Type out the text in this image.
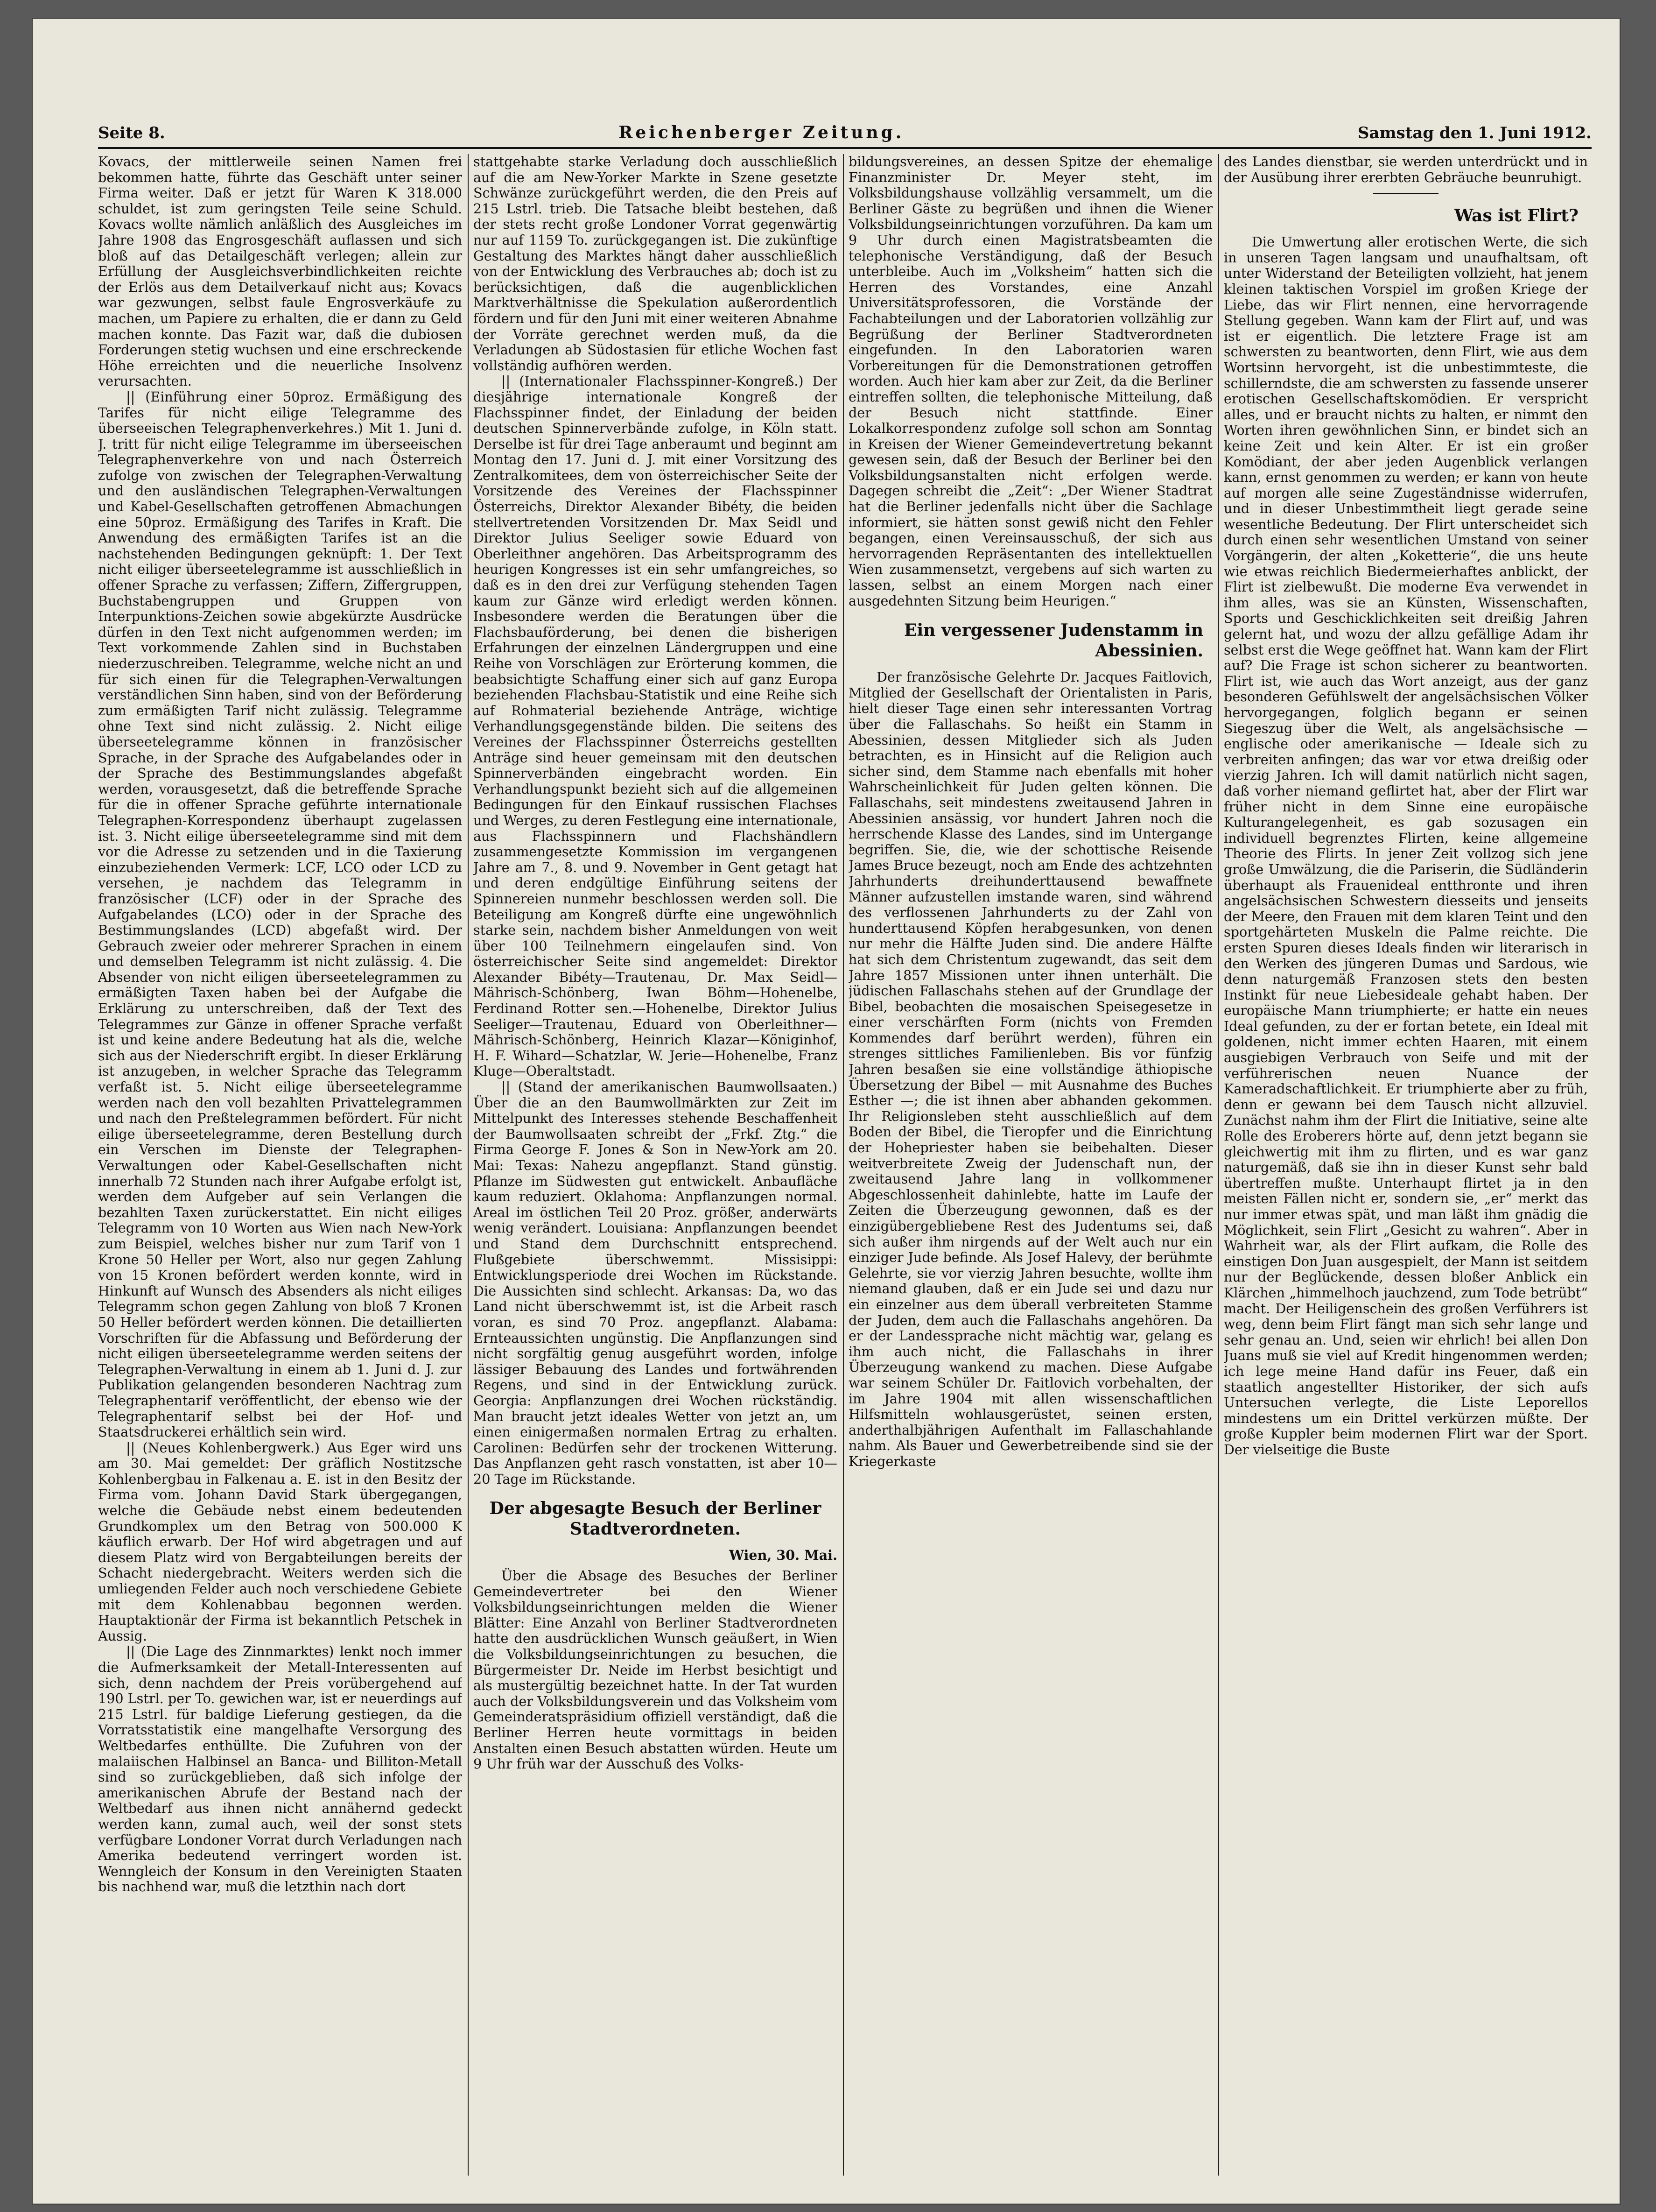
Seite 8.	Reichenberger Zeitung.	Samstag den 1. Juni 1912.

Kovacs, der mittlerweile seinen Namen frei bekommen hatte, führte das Geschäft unter seiner Firma weiter. Daß er jetzt für Waren K 318.000 schuldet, ist zum geringsten Teile seine Schuld. Kovacs wollte nämlich anläßlich des Ausgleiches im Jahre 1908 das Engrosgeschäft auflassen und sich bloß auf das Detailgeschäft verlegen; allein zur Erfüllung der Ausgleichsverbindlichkeiten reichte der Erlös aus dem Detailverkauf nicht aus; Kovacs war gezwungen, selbst faule Engrosverkäufe zu machen, um Papiere zu erhalten, die er dann zu Geld machen konnte. Das Fazit war, daß die dubiosen Forderungen stetig wuchsen und eine erschreckende Höhe erreichten und die neuerliche Insolvenz verursachten.

|| (Einführung einer 50proz. Ermäßigung des Tarifes für nicht eilige Telegramme des überseeischen Telegraphenverkehres.) Mit 1. Juni d. J. tritt für nicht eilige Telegramme im überseeischen Telegraphenverkehre von und nach Österreich zufolge von zwischen der Telegraphen-Verwaltung und den ausländischen Telegraphen-Verwaltungen und Kabel-Gesellschaften getroffenen Abmachungen eine 50proz. Ermäßigung des Tarifes in Kraft. Die Anwendung des ermäßigten Tarifes ist an die nachstehenden Bedingungen geknüpft: 1. Der Text nicht eiliger überseetelegramme ist ausschließlich in offener Sprache zu verfassen; Ziffern, Ziffergruppen, Buchstabengruppen und Gruppen von Interpunktions-Zeichen sowie abgekürzte Ausdrücke dürfen in den Text nicht aufgenommen werden; im Text vorkommende Zahlen sind in Buchstaben niederzuschreiben. Telegramme, welche nicht an und für sich einen für die Telegraphen-Verwaltungen verständlichen Sinn haben, sind von der Beförderung zum ermäßigten Tarif nicht zulässig. Telegramme ohne Text sind nicht zulässig. 2. Nicht eilige überseetelegramme können in französischer Sprache, in der Sprache des Aufgabelandes oder in der Sprache des Bestimmungslandes abgefaßt werden, vorausgesetzt, daß die betreffende Sprache für die in offener Sprache geführte internationale Telegraphen-Korrespondenz überhaupt zugelassen ist. 3. Nicht eilige überseetelegramme sind mit dem vor die Adresse zu setzenden und in die Taxierung einzubeziehenden Vermerk: LCF, LCO oder LCD zu versehen, je nachdem das Telegramm in französischer (LCF) oder in der Sprache des Aufgabelandes (LCO) oder in der Sprache des Bestimmungslandes (LCD) abgefaßt wird. Der Gebrauch zweier oder mehrerer Sprachen in einem und demselben Telegramm ist nicht zulässig. 4. Die Absender von nicht eiligen überseetelegrammen zu ermäßigten Taxen haben bei der Aufgabe die Erklärung zu unterschreiben, daß der Text des Telegrammes zur Gänze in offener Sprache verfaßt ist und keine andere Bedeutung hat als die, welche sich aus der Niederschrift ergibt. In dieser Erklärung ist anzugeben, in welcher Sprache das Telegramm verfaßt ist. 5. Nicht eilige überseetelegramme werden nach den voll bezahlten Privattelegrammen und nach den Preßtelegrammen befördert. Für nicht eilige überseetelegramme, deren Bestellung durch ein Verschen im Dienste der Telegraphen-Verwaltungen oder Kabel-Gesellschaften nicht innerhalb 72 Stunden nach ihrer Aufgabe erfolgt ist, werden dem Aufgeber auf sein Verlangen die bezahlten Taxen zurückerstattet. Ein nicht eiliges Telegramm von 10 Worten aus Wien nach New-York zum Beispiel, welches bisher nur zum Tarif von 1 Krone 50 Heller per Wort, also nur gegen Zahlung von 15 Kronen befördert werden konnte, wird in Hinkunft auf Wunsch des Absenders als nicht eiliges Telegramm schon gegen Zahlung von bloß 7 Kronen 50 Heller befördert werden können. Die detaillierten Vorschriften für die Abfassung und Beförderung der nicht eiligen überseetelegramme werden seitens der Telegraphen-Verwaltung in einem ab 1. Juni d. J. zur Publikation gelangenden besonderen Nachtrag zum Telegraphentarif veröffentlicht, der ebenso wie der Telegraphentarif selbst bei der Hof- und Staatsdruckerei erhältlich sein wird.

|| (Neues Kohlenbergwerk.) Aus Eger wird uns am 30. Mai gemeldet: Der gräflich Nostitzsche Kohlenbergbau in Falkenau a. E. ist in den Besitz der Firma vom. Johann David Stark übergegangen, welche die Gebäude nebst einem bedeutenden Grundkomplex um den Betrag von 500.000 K käuflich erwarb. Der Hof wird abgetragen und auf diesem Platz wird von Bergabteilungen bereits der Schacht niedergebracht. Weiters werden sich die umliegenden Felder auch noch verschiedene Gebiete mit dem Kohlenabbau begonnen werden. Hauptaktionär der Firma ist bekanntlich Petschek in Aussig.

|| (Die Lage des Zinnmarktes) lenkt noch immer die Aufmerksamkeit der Metall-Interessenten auf sich, denn nachdem der Preis vorübergehend auf 190 Lstrl. per To. gewichen war, ist er neuerdings auf 215 Lstrl. für baldige Lieferung gestiegen, da die Vorratsstatistik eine mangelhafte Versorgung des Weltbedarfes enthüllte. Die Zufuhren von der malaiischen Halbinsel an Banca- und Billiton-Metall sind so zurückgeblieben, daß sich infolge der amerikanischen Abrufe der Bestand nach der Weltbedarf aus ihnen nicht annähernd gedeckt werden kann, zumal auch, weil der sonst stets verfügbare Londoner Vorrat durch Verladungen nach Amerika bedeutend verringert worden ist. Wenngleich der Konsum in den Vereinigten Staaten bis nachhend war, muß die letzthin nach dort

stattgehabte starke Verladung doch ausschließlich auf die am New-Yorker Markte in Szene gesetzte Schwänze zurückgeführt werden, die den Preis auf 215 Lstrl. trieb. Die Tatsache bleibt bestehen, daß der stets recht große Londoner Vorrat gegenwärtig nur auf 1159 To. zurückgegangen ist. Die zukünftige Gestaltung des Marktes hängt daher ausschließlich von der Entwicklung des Verbrauches ab; doch ist zu berücksichtigen, daß die augenblicklichen Marktverhältnisse die Spekulation außerordentlich fördern und für den Juni mit einer weiteren Abnahme der Vorräte gerechnet werden muß, da die Verladungen ab Südostasien für etliche Wochen fast vollständig aufhören werden.

|| (Internationaler Flachsspinner-Kongreß.) Der diesjährige internationale Kongreß der Flachsspinner findet, der Einladung der beiden deutschen Spinnerverbände zufolge, in Köln statt. Derselbe ist für drei Tage anberaumt und beginnt am Montag den 17. Juni d. J. mit einer Vorsitzung des Zentralkomitees, dem von österreichischer Seite der Vorsitzende des Vereines der Flachsspinner Österreichs, Direktor Alexander Bibéty, die beiden stellvertretenden Vorsitzenden Dr. Max Seidl und Direktor Julius Seeliger sowie Eduard von Oberleithner angehören. Das Arbeitsprogramm des heurigen Kongresses ist ein sehr umfangreiches, so daß es in den drei zur Verfügung stehenden Tagen kaum zur Gänze wird erledigt werden können. Insbesondere werden die Beratungen über die Flachsbauförderung, bei denen die bisherigen Erfahrungen der einzelnen Ländergruppen und eine Reihe von Vorschlägen zur Erörterung kommen, die beabsichtigte Schaffung einer sich auf ganz Europa beziehenden Flachsbau-Statistik und eine Reihe sich auf Rohmaterial beziehende Anträge, wichtige Verhandlungsgegenstände bilden. Die seitens des Vereines der Flachsspinner Österreichs gestellten Anträge sind heuer gemeinsam mit den deutschen Spinnerverbänden eingebracht worden. Ein Verhandlungspunkt bezieht sich auf die allgemeinen Bedingungen für den Einkauf russischen Flachses und Werges, zu deren Festlegung eine internationale, aus Flachsspinnern und Flachshändlern zusammengesetzte Kommission im vergangenen Jahre am 7., 8. und 9. November in Gent getagt hat und deren endgültige Einführung seitens der Spinnereien nunmehr beschlossen werden soll. Die Beteiligung am Kongreß dürfte eine ungewöhnlich starke sein, nachdem bisher Anmeldungen von weit über 100 Teilnehmern eingelaufen sind. Von österreichischer Seite sind angemeldet: Direktor Alexander Bibéty—Trautenau, Dr. Max Seidl—Mährisch-Schönberg, Iwan Böhm—Hohenelbe, Ferdinand Rotter sen.—Hohenelbe, Direktor Julius Seeliger—Trautenau, Eduard von Oberleithner—Mährisch-Schönberg, Heinrich Klazar—Königinhof, H. F. Wihard—Schatzlar, W. Jerie—Hohenelbe, Franz Kluge—Oberaltstadt.

|| (Stand der amerikanischen Baumwollsaaten.) Über die an den Baumwollmärkten zur Zeit im Mittelpunkt des Interesses stehende Beschaffenheit der Baumwollsaaten schreibt der „Frkf. Ztg.“ die Firma George F. Jones & Son in New-York am 20. Mai: Texas: Nahezu angepflanzt. Stand günstig. Pflanze im Südwesten gut entwickelt. Anbaufläche kaum reduziert. Oklahoma: Anpflanzungen normal. Areal im östlichen Teil 20 Proz. größer, anderwärts wenig verändert. Louisiana: Anpflanzungen beendet und Stand dem Durchschnitt entsprechend. Flußgebiete überschwemmt. Missisippi: Entwicklungsperiode drei Wochen im Rückstande. Die Aussichten sind schlecht. Arkansas: Da, wo das Land nicht überschwemmt ist, ist die Arbeit rasch voran, es sind 70 Proz. angepflanzt. Alabama: Ernteaussichten ungünstig. Die Anpflanzungen sind nicht sorgfältig genug ausgeführt worden, infolge lässiger Bebauung des Landes und fortwährenden Regens, und sind in der Entwicklung zurück. Georgia: Anpflanzungen drei Wochen rückständig. Man braucht jetzt ideales Wetter von jetzt an, um einen einigermaßen normalen Ertrag zu erhalten. Carolinen: Bedürfen sehr der trockenen Witterung. Das Anpflanzen geht rasch vonstatten, ist aber 10—20 Tage im Rückstande.

Der abgesagte Besuch der Berliner Stadtverordneten.
Wien, 30. Mai.

Über die Absage des Besuches der Berliner Gemeindevertreter bei den Wiener Volksbildungseinrichtungen melden die Wiener Blätter: Eine Anzahl von Berliner Stadtverordneten hatte den ausdrücklichen Wunsch geäußert, in Wien die Volksbildungseinrichtungen zu besuchen, die Bürgermeister Dr. Neide im Herbst besichtigt und als mustergültig bezeichnet hatte. In der Tat wurden auch der Volksbildungsverein und das Volksheim vom Gemeinderatspräsidium offiziell verständigt, daß die Berliner Herren heute vormittags in beiden Anstalten einen Besuch abstatten würden. Heute um 9 Uhr früh war der Ausschuß des Volks-

bildungsvereines, an dessen Spitze der ehemalige Finanzminister Dr. Meyer steht, im Volksbildungshause vollzählig versammelt, um die Berliner Gäste zu begrüßen und ihnen die Wiener Volksbildungseinrichtungen vorzuführen. Da kam um 9 Uhr durch einen Magistratsbeamten die telephonische Verständigung, daß der Besuch unterbleibe. Auch im „Volksheim“ hatten sich die Herren des Vorstandes, eine Anzahl Universitätsprofessoren, die Vorstände der Fachabteilungen und der Laboratorien vollzählig zur Begrüßung der Berliner Stadtverordneten eingefunden. In den Laboratorien waren Vorbereitungen für die Demonstrationen getroffen worden. Auch hier kam aber zur Zeit, da die Berliner eintreffen sollten, die telephonische Mitteilung, daß der Besuch nicht stattfinde. Einer Lokalkorrespondenz zufolge soll schon am Sonntag in Kreisen der Wiener Gemeindevertretung bekannt gewesen sein, daß der Besuch der Berliner bei den Volksbildungsanstalten nicht erfolgen werde. Dagegen schreibt die „Zeit“: „Der Wiener Stadtrat hat die Berliner jedenfalls nicht über die Sachlage informiert, sie hätten sonst gewiß nicht den Fehler begangen, einen Vereinsausschuß, der sich aus hervorragenden Repräsentanten des intellektuellen Wien zusammensetzt, vergebens auf sich warten zu lassen, selbst an einem Morgen nach einer ausgedehnten Sitzung beim Heurigen.“

Ein vergessener Judenstamm in Abessinien.

Der französische Gelehrte Dr. Jacques Faitlovich, Mitglied der Gesellschaft der Orientalisten in Paris, hielt dieser Tage einen sehr interessanten Vortrag über die Fallaschahs. So heißt ein Stamm in Abessinien, dessen Mitglieder sich als Juden betrachten, es in Hinsicht auf die Religion auch sicher sind, dem Stamme nach ebenfalls mit hoher Wahrscheinlichkeit für Juden gelten können. Die Fallaschahs, seit mindestens zweitausend Jahren in Abessinien ansässig, vor hundert Jahren noch die herrschende Klasse des Landes, sind im Untergange begriffen. Sie, die, wie der schottische Reisende James Bruce bezeugt, noch am Ende des achtzehnten Jahrhunderts dreihunderttausend bewaffnete Männer aufzustellen imstande waren, sind während des verflossenen Jahrhunderts zu der Zahl von hunderttausend Köpfen herabgesunken, von denen nur mehr die Hälfte Juden sind. Die andere Hälfte hat sich dem Christentum zugewandt, das seit dem Jahre 1857 Missionen unter ihnen unterhält. Die jüdischen Fallaschahs stehen auf der Grundlage der Bibel, beobachten die mosaischen Speisegesetze in einer verschärften Form (nichts von Fremden Kommendes darf berührt werden), führen ein strenges sittliches Familienleben. Bis vor fünfzig Jahren besaßen sie eine vollständige äthiopische Übersetzung der Bibel — mit Ausnahme des Buches Esther —; die ist ihnen aber abhanden gekommen. Ihr Religionsleben steht ausschließlich auf dem Boden der Bibel, die Tieropfer und die Einrichtung der Hohepriester haben sie beibehalten. Dieser weitverbreitete Zweig der Judenschaft nun, der zweitausend Jahre lang in vollkommener Abgeschlossenheit dahinlebte, hatte im Laufe der Zeiten die Überzeugung gewonnen, daß es der einzigübergebliebene Rest des Judentums sei, daß sich außer ihm nirgends auf der Welt auch nur ein einziger Jude befinde. Als Josef Halevy, der berühmte Gelehrte, sie vor vierzig Jahren besuchte, wollte ihm niemand glauben, daß er ein Jude sei und dazu nur ein einzelner aus dem überall verbreiteten Stamme der Juden, dem auch die Fallaschahs angehören. Da er der Landessprache nicht mächtig war, gelang es ihm auch nicht, die Fallaschahs in ihrer Überzeugung wankend zu machen. Diese Aufgabe war seinem Schüler Dr. Faitlovich vorbehalten, der im Jahre 1904 mit allen wissenschaftlichen Hilfsmitteln wohlausgerüstet, seinen ersten, anderthalbjährigen Aufenthalt im Fallaschahlande nahm. Als Bauer und Gewerbetreibende sind sie der Kriegerkaste

des Landes dienstbar, sie werden unterdrückt und in der Ausübung ihrer ererbten Gebräuche beunruhigt.

Was ist Flirt?

Die Umwertung aller erotischen Werte, die sich in unseren Tagen langsam und unaufhaltsam, oft unter Widerstand der Beteiligten vollzieht, hat jenem kleinen taktischen Vorspiel im großen Kriege der Liebe, das wir Flirt nennen, eine hervorragende Stellung gegeben. Wann kam der Flirt auf, und was ist er eigentlich. Die letztere Frage ist am schwersten zu beantworten, denn Flirt, wie aus dem Wortsinn hervorgeht, ist die unbestimmteste, die schillerndste, die am schwersten zu fassende unserer erotischen Gesellschaftskomödien. Er verspricht alles, und er braucht nichts zu halten, er nimmt den Worten ihren gewöhnlichen Sinn, er bindet sich an keine Zeit und kein Alter. Er ist ein großer Komödiant, der aber jeden Augenblick verlangen kann, ernst genommen zu werden; er kann von heute auf morgen alle seine Zugeständnisse widerrufen, und in dieser Unbestimmtheit liegt gerade seine wesentliche Bedeutung. Der Flirt unterscheidet sich durch einen sehr wesentlichen Umstand von seiner Vorgängerin, der alten „Koketterie“, die uns heute wie etwas reichlich Biedermeierhaftes anblickt, der Flirt ist zielbewußt. Die moderne Eva verwendet in ihm alles, was sie an Künsten, Wissenschaften, Sports und Geschicklichkeiten seit dreißig Jahren gelernt hat, und wozu der allzu gefällige Adam ihr selbst erst die Wege geöffnet hat. Wann kam der Flirt auf? Die Frage ist schon sicherer zu beantworten. Flirt ist, wie auch das Wort anzeigt, aus der ganz besonderen Gefühlswelt der angelsächsischen Völker hervorgegangen, folglich begann er seinen Siegeszug über die Welt, als angelsächsische — englische oder amerikanische — Ideale sich zu verbreiten anfingen; das war vor etwa dreißig oder vierzig Jahren. Ich will damit natürlich nicht sagen, daß vorher niemand geflirtet hat, aber der Flirt war früher nicht in dem Sinne eine europäische Kulturangelegenheit, es gab sozusagen ein individuell begrenztes Flirten, keine allgemeine Theorie des Flirts. In jener Zeit vollzog sich jene große Umwälzung, die die Pariserin, die Südländerin überhaupt als Frauenideal entthronte und ihren angelsächsischen Schwestern diesseits und jenseits der Meere, den Frauen mit dem klaren Teint und den sportgehärteten Muskeln die Palme reichte. Die ersten Spuren dieses Ideals finden wir literarisch in den Werken des jüngeren Dumas und Sardous, wie denn naturgemäß Franzosen stets den besten Instinkt für neue Liebesideale gehabt haben. Der europäische Mann triumphierte; er hatte ein neues Ideal gefunden, zu der er fortan betete, ein Ideal mit goldenen, nicht immer echten Haaren, mit einem ausgiebigen Verbrauch von Seife und mit der verführerischen neuen Nuance der Kameradschaftlichkeit. Er triumphierte aber zu früh, denn er gewann bei dem Tausch nicht allzuviel. Zunächst nahm ihm der Flirt die Initiative, seine alte Rolle des Eroberers hörte auf, denn jetzt begann sie gleichwertig mit ihm zu flirten, und es war ganz naturgemäß, daß sie ihn in dieser Kunst sehr bald übertreffen mußte. Unterhaupt flirtet ja in den meisten Fällen nicht er, sondern sie, „er“ merkt das nur immer etwas spät, und man läßt ihm gnädig die Möglichkeit, sein Flirt „Gesicht zu wahren“. Aber in Wahrheit war, als der Flirt aufkam, die Rolle des einstigen Don Juan ausgespielt, der Mann ist seitdem nur der Beglückende, dessen bloßer Anblick ein Klärchen „himmelhoch jauchzend, zum Tode betrübt“ macht. Der Heiligenschein des großen Verführers ist weg, denn beim Flirt fängt man sich sehr lange und sehr genau an. Und, seien wir ehrlich! bei allen Don Juans muß sie viel auf Kredit hingenommen werden; ich lege meine Hand dafür ins Feuer, daß ein staatlich angestellter Historiker, der sich aufs Untersuchen verlegte, die Liste Leporellos mindestens um ein Drittel verkürzen müßte. Der große Kuppler beim modernen Flirt war der Sport. Der vielseitige die Buste
